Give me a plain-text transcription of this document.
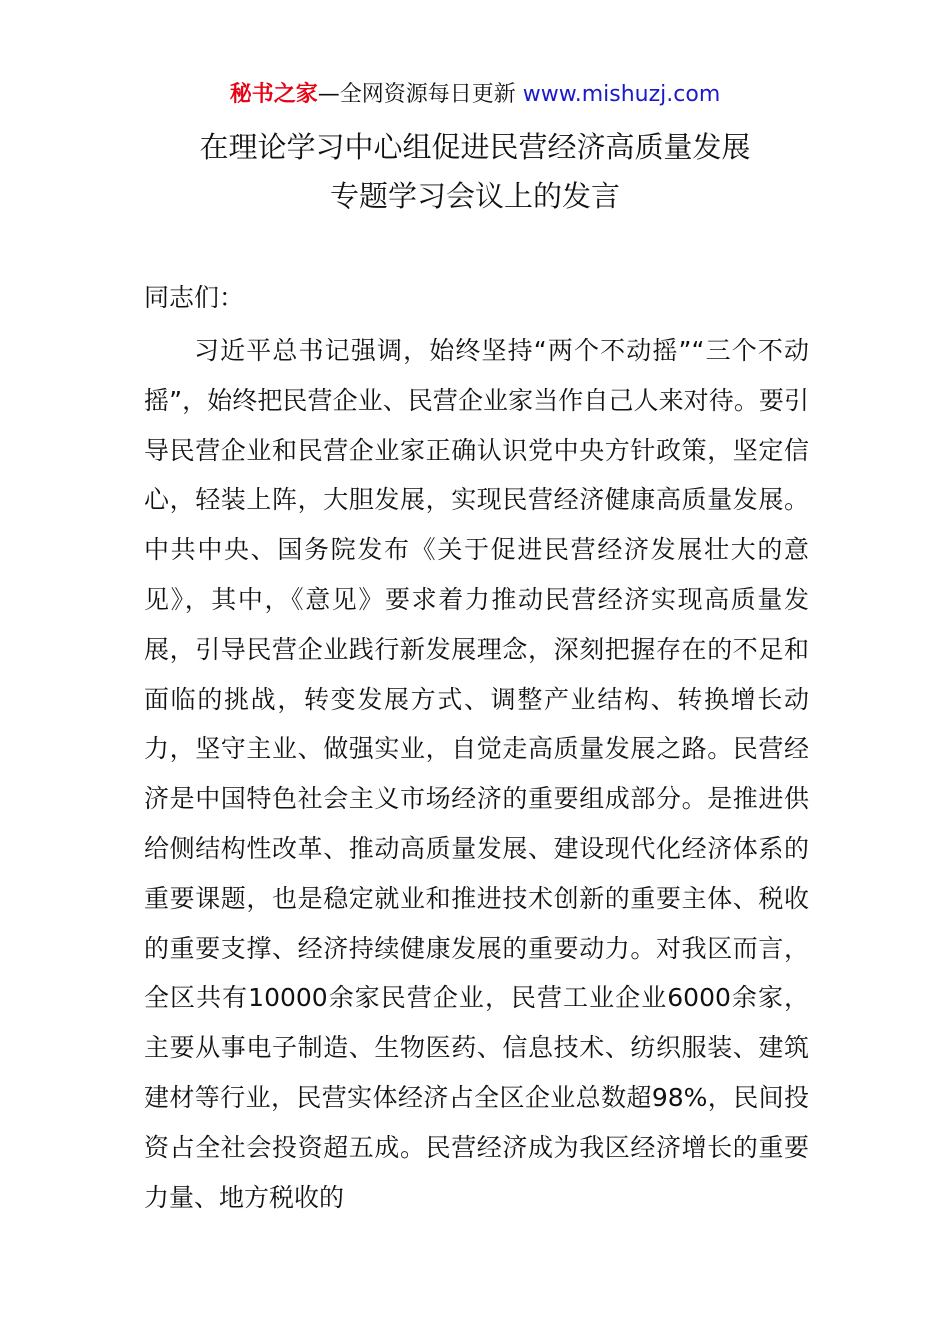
秘书之家—全网资源每日更新 www.mishuzj.com
在理论学习中心组促进民营经济高质量发展
专题学习会议上的发言
同志们：

习近平总书记强调，始终坚持“两个不动摇”“三个不动摇”，始终把民营企业、民营企业家当作自己人来对待。要引导民营企业和民营企业家正确认识党中央方针政策，坚定信心，轻装上阵，大胆发展，实现民营经济健康高质量发展。中共中央、国务院发布《关于促进民营经济发展壮大的意见》，其中，《意见》要求着力推动民营经济实现高质量发展，引导民营企业践行新发展理念，深刻把握存在的不足和面临的挑战，转变发展方式、调整产业结构、转换增长动力，坚守主业、做强实业，自觉走高质量发展之路。民营经济是中国特色社会主义市场经济的重要组成部分。是推进供给侧结构性改革、推动高质量发展、建设现代化经济体系的重要课题，也是稳定就业和推进技术创新的重要主体、税收的重要支撑、经济持续健康发展的重要动力。对我区而言，全区共有10000余家民营企业，民营工业企业6000余家，主要从事电子制造、生物医药、信息技术、纺织服装、建筑建材等行业，民营实体经济占全区企业总数超98%，民间投资占全社会投资超五成。民营经济成为我区经济增长的重要力量、地方税收的
